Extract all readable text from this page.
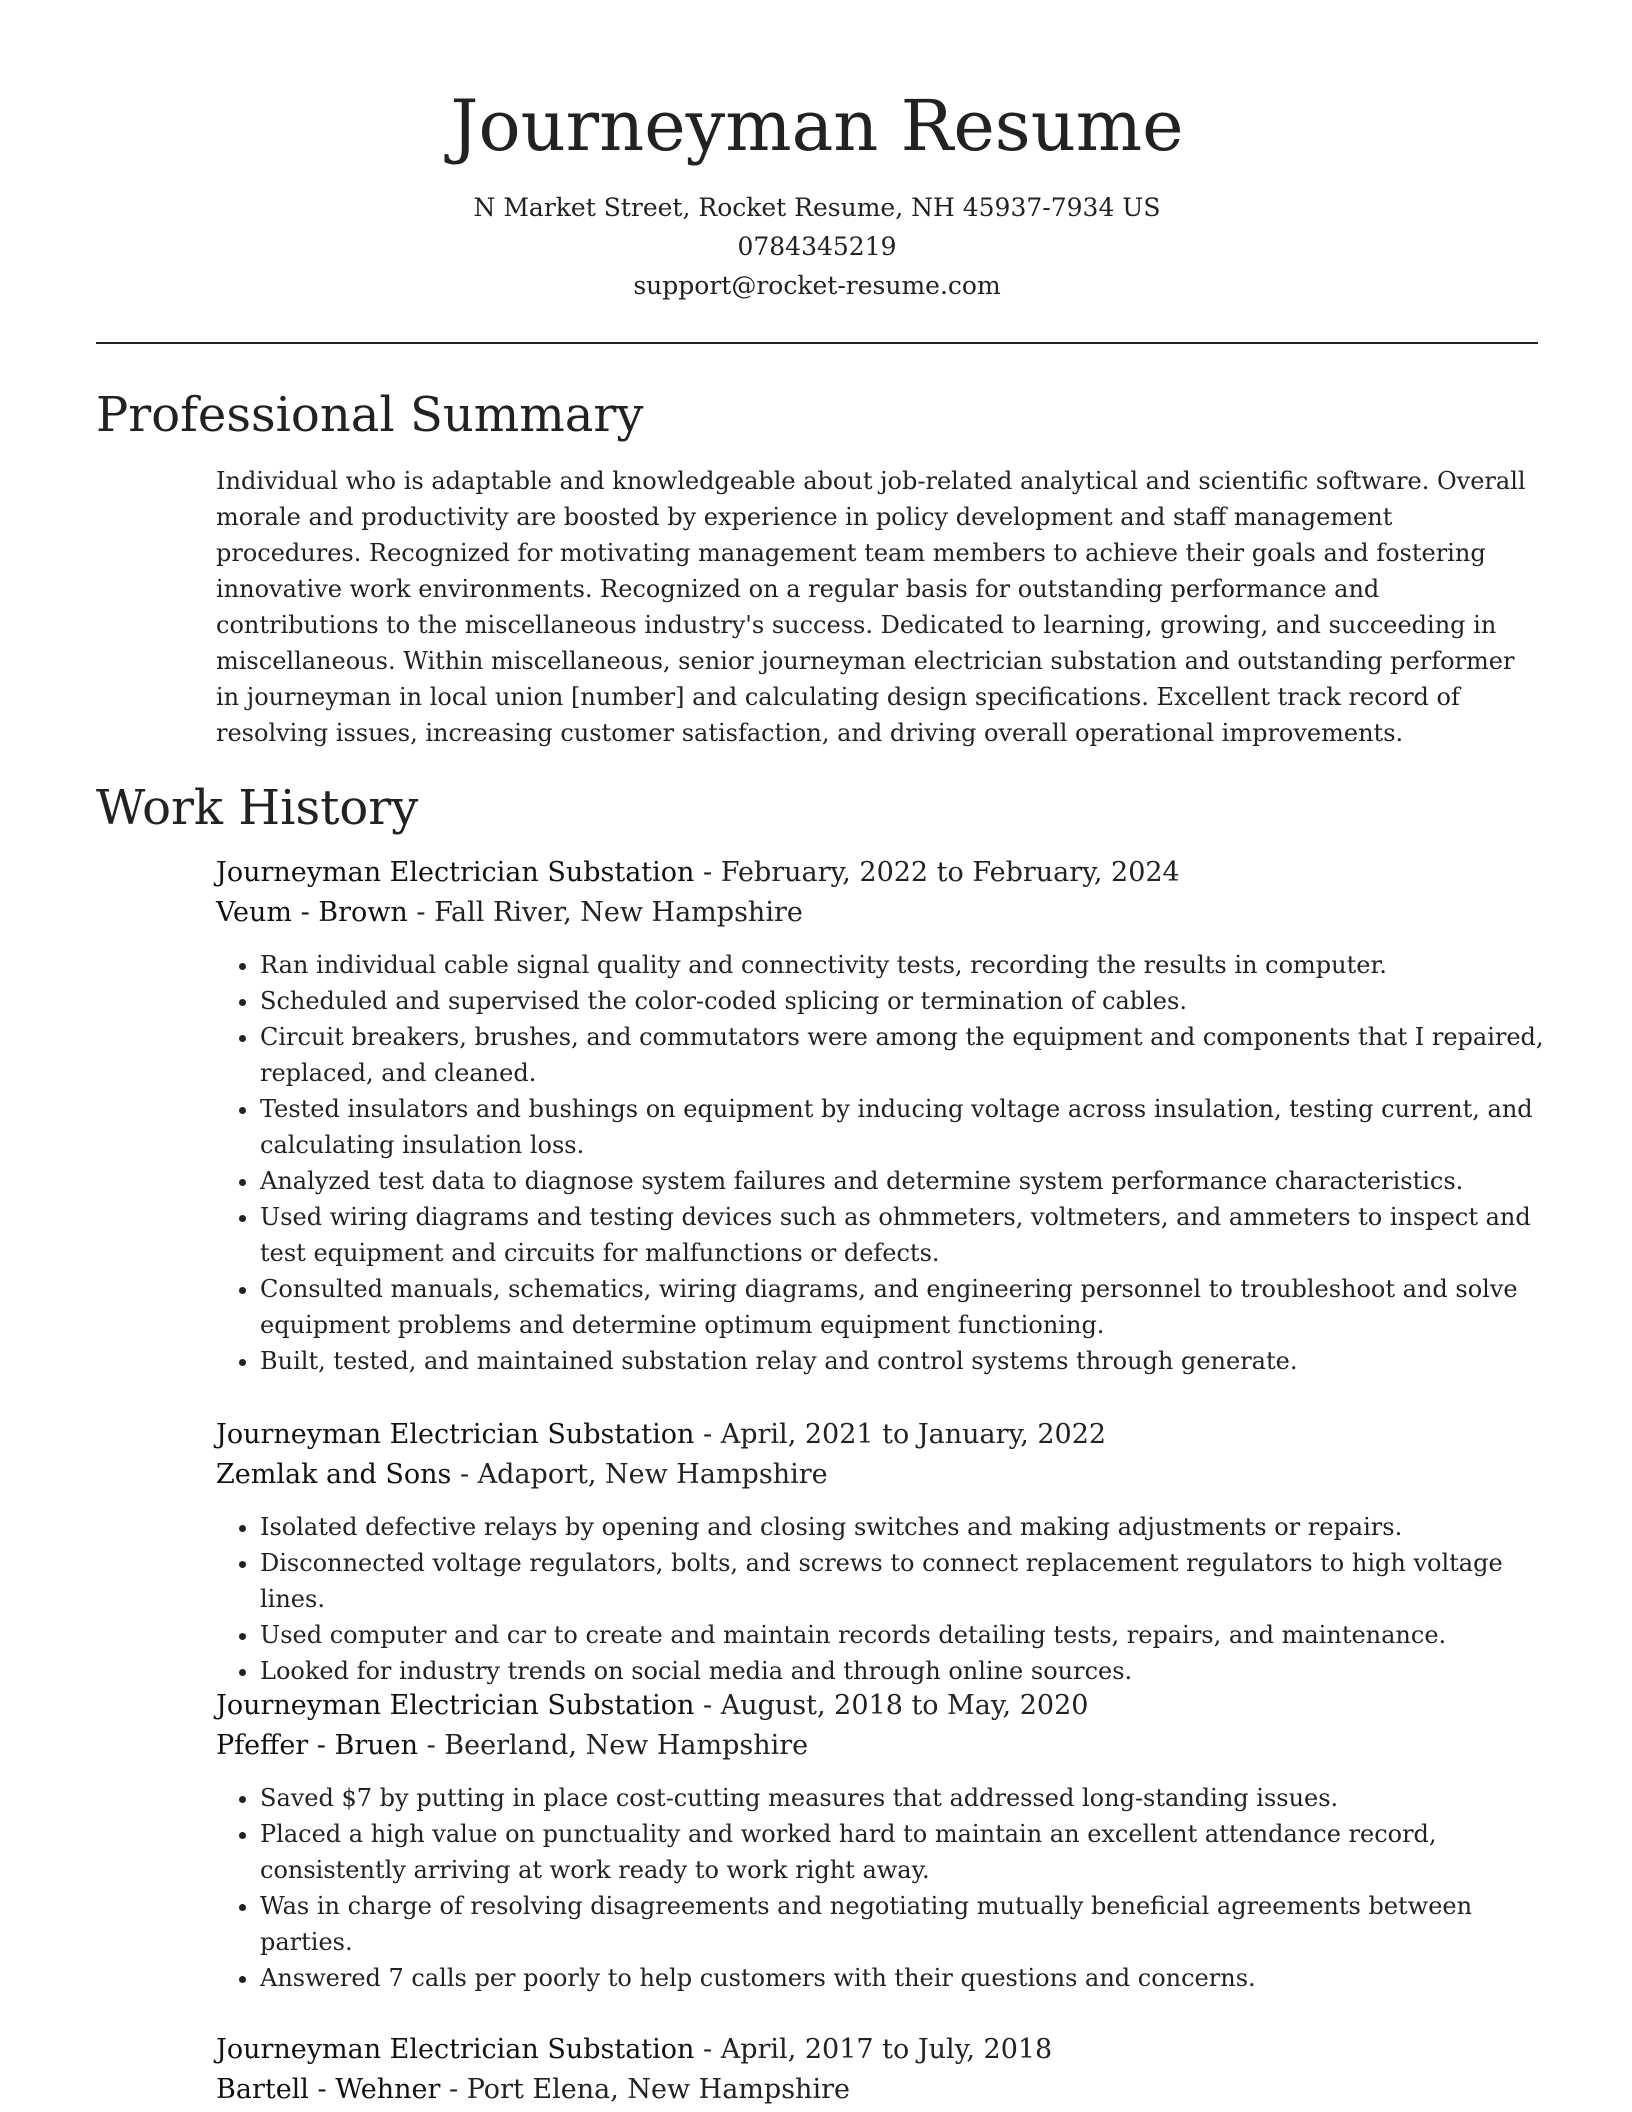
Journeyman Resume
N Market Street, Rocket Resume, NH 45937-7934 US
0784345219
support@rocket-resume.com
Professional Summary

Individual who is adaptable and knowledgeable about job-related analytical and scientific software. Overall morale and productivity are boosted by experience in policy development and staff management procedures. Recognized for motivating management team members to achieve their goals and fostering innovative work environments. Recognized on a regular basis for outstanding performance and contributions to the miscellaneous industry's success. Dedicated to learning, growing, and succeeding in miscellaneous. Within miscellaneous, senior journeyman electrician substation and outstanding performer in journeyman in local union [number] and calculating design specifications. Excellent track record of resolving issues, increasing customer satisfaction, and driving overall operational improvements.

Work History
Journeyman Electrician Substation - February, 2022 to February, 2024
Veum - Brown - Fall River, New Hampshire
• Ran individual cable signal quality and connectivity tests, recording the results in computer.
• Scheduled and supervised the color-coded splicing or termination of cables.
• Circuit breakers, brushes, and commutators were among the equipment and components that I repaired, replaced, and cleaned.
• Tested insulators and bushings on equipment by inducing voltage across insulation, testing current, and calculating insulation loss.
• Analyzed test data to diagnose system failures and determine system performance characteristics.
• Used wiring diagrams and testing devices such as ohmmeters, voltmeters, and ammeters to inspect and test equipment and circuits for malfunctions or defects.
• Consulted manuals, schematics, wiring diagrams, and engineering personnel to troubleshoot and solve equipment problems and determine optimum equipment functioning.
• Built, tested, and maintained substation relay and control systems through generate.
Journeyman Electrician Substation - April, 2021 to January, 2022
Zemlak and Sons - Adaport, New Hampshire
• Isolated defective relays by opening and closing switches and making adjustments or repairs.
• Disconnected voltage regulators, bolts, and screws to connect replacement regulators to high voltage lines.
• Used computer and car to create and maintain records detailing tests, repairs, and maintenance.
• Looked for industry trends on social media and through online sources.
Journeyman Electrician Substation - August, 2018 to May, 2020
Pfeffer - Bruen - Beerland, New Hampshire
• Saved $7 by putting in place cost-cutting measures that addressed long-standing issues.
• Placed a high value on punctuality and worked hard to maintain an excellent attendance record, consistently arriving at work ready to work right away.
• Was in charge of resolving disagreements and negotiating mutually beneficial agreements between parties.
• Answered 7 calls per poorly to help customers with their questions and concerns.
Journeyman Electrician Substation - April, 2017 to July, 2018
Bartell - Wehner - Port Elena, New Hampshire
